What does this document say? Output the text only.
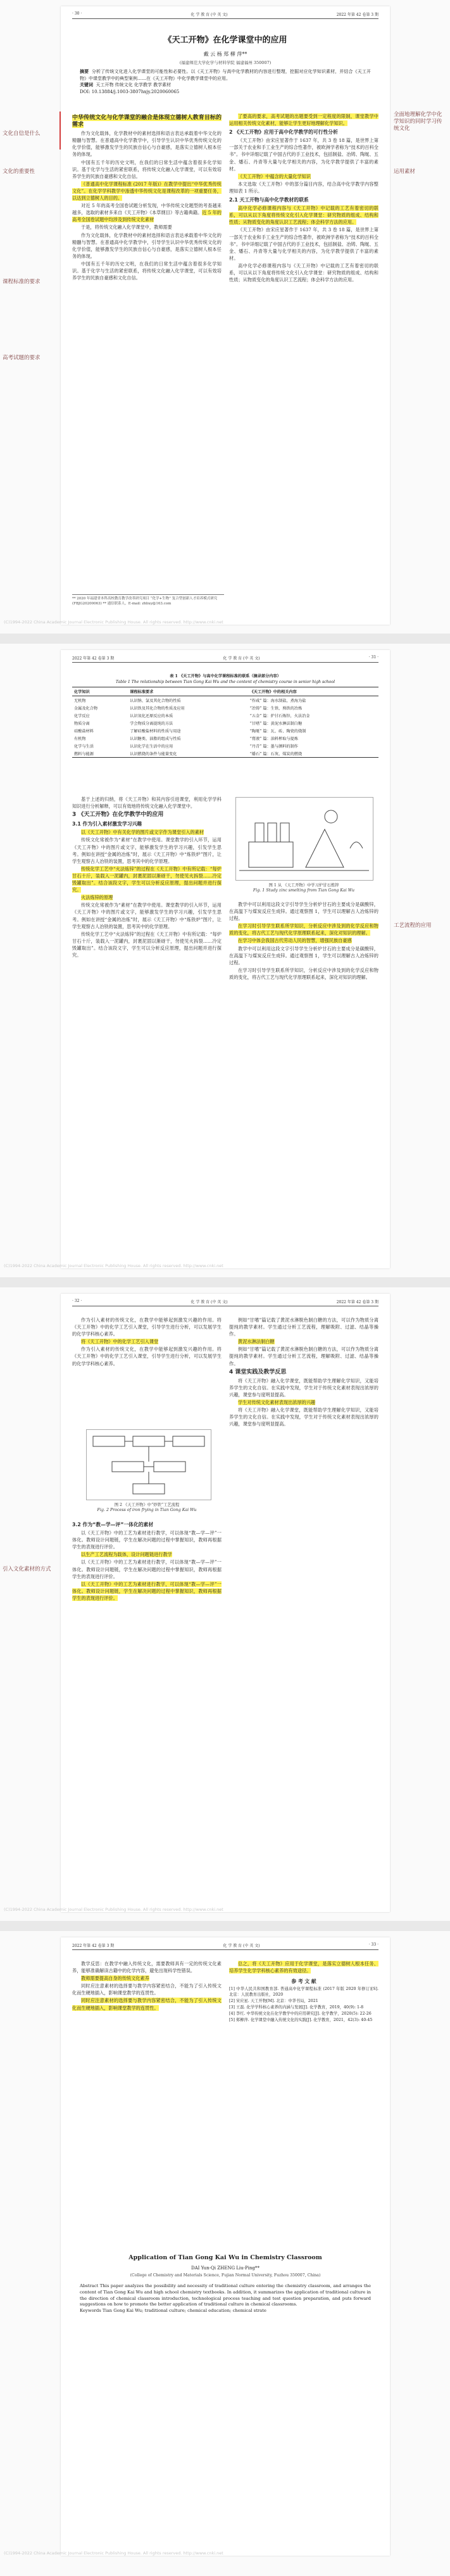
· 30 ·	化 学 教 育 (中 英 文)	2022 年第 42 卷第 3 期
《天工开物》在化学课堂中的应用
戴 云 杨 郑 柳 萍**
(福建师范大学化学与材料学院 福建福州 350007)
摘要 分析了传统文化进入化学课堂的可能性和必要性。以《天工开物》与高中化学教材的内容进行整理，挖掘对应化学知识素材，并结合《天工开物》中课堂教学中的典型案例……在《天工开物》中化学教学课堂中的应用。
关键词 天工开物 传统文化 化学教学 教学素材
DOI: 10.13884/j.1003-3807hxjy.2020060065
中华传统文化与化学课堂的融合是体现立德树人教育目标的需求

作为文化载体，化学教材中的素材选择和语言表达承载着中华文化的精髓与智慧。在普通高中化学教学中，引导学生认识中华优秀传统文化的化学价值，能够激发学生的民族自信心与自豪感，是落实立德树人根本任务的体现。

中国有五千年的历史文明，在我们的日常生活中蕴含着很多化学知识。基于化学与生活的紧密联系，将传统文化融入化学课堂，可以有效培养学生的民族自豪感和文化自信。

《普通高中化学课程标准 (2017 年版)》在教学中提出“中华优秀传统文化”。在化学学科教学中渗透中华传统文化是课程改革的一项重要任务，以达到立德树人的目的。

对近 5 年的高考全国卷试题分析发现，中华传统文化题型的考查越来越多，选取的素材多来自《天工开物》《本草纲目》等古籍典籍。近 5 年的高考全国卷试题中均涉及到传统文化素材

于是，将传统文化融入化学课堂中，教师需要

作为文化载体，化学教材中的素材选择和语言表达承载着中华文化的精髓与智慧。在普通高中化学教学中，引导学生认识中华优秀传统文化的化学价值，能够激发学生的民族自信心与自豪感，是落实立德树人根本任务的体现。

中国有五千年的历史文明，在我们的日常生活中蕴含着很多化学知识。基于化学与生活的紧密联系，将传统文化融入化学课堂，可以有效培养学生的民族自豪感和文化自信。

了要高的要求，高考试题的出题要受到一定程度的限制，课堂教学中运用相关传统文化素材，能够让学生更好地理解化学知识。

2 《天工开物》应用于高中化学教学的可行性分析

《天工开物》由宋应星著作于 1637 年，共 3 卷 18 篇，是世界上第一部关于农业和手工业生产的综合性著作，被欧洲学者称为“技术的百科全书”。书中详细记载了中国古代的手工业技术，包括制盐、冶铸、陶埏、五金、燔石、丹青等大量与化学相关的内容，为化学教学提供了丰富的素材。

《天工开物》中蕴含的大量化学知识

本文选取《天工开物》中的部分篇目内容，结合高中化学教学内容整理如表 1 所示。

2.1 天工开物与高中化学教材的联系

高中化学必修课程内容与《天工开物》中记载的工艺有着密切的联系，可以从以下角度将传统文化引入化学课堂：研究物质的组成、结构和性质；从物质变化的角度认识工艺流程；体会科学方法的应用。

《天工开物》由宋应星著作于 1637 年，共 3 卷 18 篇，是世界上第一部关于农业和手工业生产的综合性著作，被欧洲学者称为“技术的百科全书”。书中详细记载了中国古代的手工业技术，包括制盐、冶铸、陶埏、五金、燔石、丹青等大量与化学相关的内容，为化学教学提供了丰富的素材。

高中化学必修课程内容与《天工开物》中记载的工艺有着密切的联系，可以从以下角度将传统文化引入化学课堂：研究物质的组成、结构和性质；从物质变化的角度认识工艺流程；体会科学方法的应用。

** 2020 年福建省本科高校教育教学改革研究项目 “化学+生物” 复合型创新人才培养模式研究 (FBJG20200063) ** 通信联系人，E-mail: zhliuy@163.com
文化自信是什么
文化的重要性
课程标准的要求
高考试题的要求
全面地理解化学中化学知识的同时学习传统文化
运用素材
(C)1994-2022 China Academic Journal Electronic Publishing House. All rights reserved. http://www.cnki.net
2022 年第 42 卷第 3 期	化 学 教 育 (中 英 文)	· 31 ·
表 1 《天工开物》与高中化学课程标准的联系（摘录部分内容）
Table 1 The relationship between Tian Gong Kai Wu and the content of chemistry course in senior high school
化学知识	课程标准要求	《天工开物》中的相关内容
无机物	认识钠、氯及其化合物的性质	“作咸” 篇：海水制盐，煮海为盐
金属及化合物	认识铁及其化合物的性质及应用	“冶铸” 篇：生铁、熟铁的冶炼
化学反应	认识氧化还原反应的本质	“五金” 篇：炉甘石炼锌，火法冶金
物质分离	学会物质分离提纯的方法	“甘嗜” 篇：黄泥水淋法制白糖
硅酸盐材料	了解硅酸盐材料的性质与用途	“陶埏” 篇：瓦、砖、陶瓷的烧制
有机物	认识糖类、油脂的组成与性质	“膏液” 篇：油料榨取与提炼
化学与生活	认识化学在生活中的应用	“丹青” 篇：墨与颜料的制作
燃料与能源	认识燃烧的条件与能量变化	“燔石” 篇：石灰、煤炭的燃烧

基于上述的归纳，将《天工开物》和其内容引进课堂，利用化学学科知识进行分析解释，可以有效地将传统文化融入化学课堂中。

3 《天工开物》在化学教学中的应用
3.1 作为引入素材激发学习兴趣

以《天工开物》中有关化学的图片或文字作为课堂引入的素材

传统文化常被作为“素材”在教学中使用。课堂教学的引入环节，运用《天工开物》中的图片或文字，能够激发学生的学习兴趣，引发学生思考。例如在讲授“金属的冶炼”时，展示《天工开物》中“炼铁炉”图片，让学生观察古人冶铁的装置，思考其中的化学原理。

传统化学工艺中“火法炼锌”的过程在《天工开物》中有所记载：“每炉甘石十斤，装载入一泥罐内，封裹泥固以渐砑干，勿使见火拆裂……冷定毁罐取出”。结合该段文字，学生可以分析反应原理，提出问题并进行探究。

火法炼锌的原理

传统文化常被作为“素材”在教学中使用。课堂教学的引入环节，运用《天工开物》中的图片或文字，能够激发学生的学习兴趣，引发学生思考。例如在讲授“金属的冶炼”时，展示《天工开物》中“炼铁炉”图片，让学生观察古人冶铁的装置，思考其中的化学原理。

传统化学工艺中“火法炼锌”的过程在《天工开物》中有所记载：“每炉甘石十斤，装载入一泥罐内，封裹泥固以渐砑干，勿使见火拆裂……冷定毁罐取出”。结合该段文字，学生可以分析反应原理，提出问题并进行探究。

图 1 从 《天工开物》中学习炉甘石炼锌
Fig. 1 Study zinc smelting from Tian Gong Kai Wu

教学中可以利用这段文字引导学生分析炉甘石的主要成分是碳酸锌，在高温下与煤炭反应生成锌。通过观察图 1，学生可以理解古人冶炼锌的过程。

在学习时引导学生联系所学知识，分析反应中涉及到的化学反应和物质的变化，将古代工艺与现代化学原理联系起来，深化对知识的理解。

在学习中体会我国古代劳动人民的智慧，增强民族自豪感

教学中可以利用这段文字引导学生分析炉甘石的主要成分是碳酸锌，在高温下与煤炭反应生成锌。通过观察图 1，学生可以理解古人冶炼锌的过程。

在学习时引导学生联系所学知识，分析反应中涉及到的化学反应和物质的变化，将古代工艺与现代化学原理联系起来，深化对知识的理解。

工艺流程的应用
(C)1994-2022 China Academic Journal Electronic Publishing House. All rights reserved. http://www.cnki.net
· 32 ·	化 学 教 育 (中 英 文)	2022 年第 42 卷第 3 期

作为引入素材的传统文化，在教学中能够起到激发兴趣的作用。将《天工开物》中的化学工艺引入课堂，引导学生进行分析，可以发展学生的化学学科核心素养。

将《天工开物》中的化学工艺引入课堂

作为引入素材的传统文化，在教学中能够起到激发兴趣的作用。将《天工开物》中的化学工艺引入课堂，引导学生进行分析，可以发展学生的化学学科核心素养。

图 2 《天工开物》中“炒铁”工艺流程
Fig. 2 Process of iron frying in Tian Gong Kai Wu
3.2 作为“教—学—评”一体化的素材

以《天工开物》中的工艺为素材进行教学，可以体现“教—学—评”一体化。教师设计问题链，学生在解决问题的过程中掌握知识，教师再根据学生的表现进行评价。

以生产工艺流程为载体，设计问题链进行教学

以《天工开物》中的工艺为素材进行教学，可以体现“教—学—评”一体化。教师设计问题链，学生在解决问题的过程中掌握知识，教师再根据学生的表现进行评价。

以《天工开物》中的工艺为素材进行教学，可以体现“教—学—评”一体化。教师设计问题链，学生在解决问题的过程中掌握知识，教师再根据学生的表现进行评价。

例如“甘嗜”篇记载了黄泥水淋脱色制白糖的方法，可以作为物质分离提纯的教学素材。学生通过分析工艺流程，理解吸附、过滤、结晶等操作。

黄泥水淋法制白糖

例如“甘嗜”篇记载了黄泥水淋脱色制白糖的方法，可以作为物质分离提纯的教学素材。学生通过分析工艺流程，理解吸附、过滤、结晶等操作。

4 课堂实践及教学反思

将《天工开物》融入化学课堂，既能帮助学生理解化学知识，又能培养学生的文化自信。在实践中发现，学生对于传统文化素材表现出浓厚的兴趣，课堂参与度明显提高。

学生对传统文化素材表现出浓厚的兴趣

将《天工开物》融入化学课堂，既能帮助学生理解化学知识，又能培养学生的文化自信。在实践中发现，学生对于传统文化素材表现出浓厚的兴趣，课堂参与度明显提高。

引入文化素材的方式
(C)1994-2022 China Academic Journal Electronic Publishing House. All rights reserved. http://www.cnki.net
2022 年第 42 卷第 3 期	化 学 教 育 (中 英 文)	· 33 ·

教学反思：在教学中融入传统文化，需要教师具有一定的传统文化素养，能够准确解读古籍中的化学内容，避免出现科学性错误。

教师需要提高自身的传统文化素养

同时应注意素材的选择要与教学内容紧密结合，不能为了引入传统文化而生硬地插入，影响课堂教学的连贯性。

同时应注意素材的选择要与教学内容紧密结合，不能为了引入传统文化而生硬地插入，影响课堂教学的连贯性。

总之，将《天工开物》应用于化学课堂，是落实立德树人根本任务、培养学生化学学科核心素养的有效途径。

参 考 文 献
[1] 中华人民共和国教育部. 普通高中化学课程标准 (2017 年版 2020 年修订)[S]. 北京：人民教育出版社，2020
[2] 宋应星. 天工开物[M]. 北京：中华书局，2021
[3] 王磊. 化学学科核心素养的内涵与发展[J]. 化学教育，2019，40(9): 1-8
[4] 李红. 中华传统文化在化学教学中的应用研究[J]. 化学教学，2020(5): 22-26
[5] 郑柳萍. 化学课堂中融入传统文化的实践[J]. 化学教育，2021，42(3): 40-45
Application of Tian Gong Kai Wu in Chemistry Classroom
DAI Yun-Qi ZHENG Liu-Ping**
(College of Chemistry and Materials Science, Fujian Normal University, Fuzhou 350007, China)
Abstract This paper analyzes the possibility and necessity of traditional culture entering the chemistry classroom, and arranges the content of Tian Gong Kai Wu and high school chemistry textbooks. In addition, it summarizes the application of traditional culture in the direction of chemical classroom introduction, technological process teaching and test question preparation, and puts forward suggestions on how to promote the better application of traditional culture in chemical classrooms.
Keywords Tian Gong Kai Wu; traditional culture; chemical education; chemical strate
(C)1994-2022 China Academic Journal Electronic Publishing House. All rights reserved. http://www.cnki.net
